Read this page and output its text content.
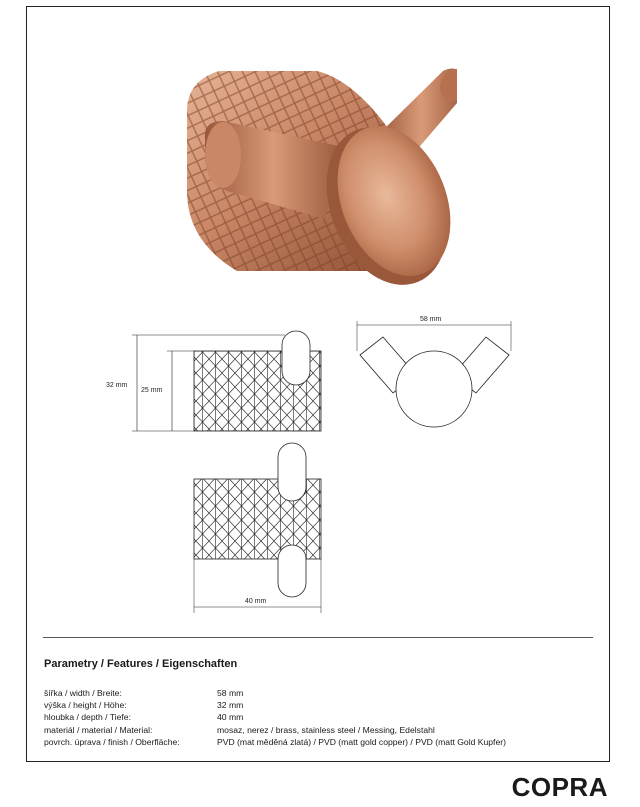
32 mm
25 mm
58 mm
40 mm
Parametry / Features / Eigenschaften
šířka / width / Breite:	58 mm
výška / height / Höhe:	32 mm
hloubka / depth / Tiefe:	40 mm
materiál / material / Material:	mosaz, nerez / brass, stainless steel / Messing, Edelstahl
povrch. úprava / finish / Oberfläche:	PVD (mat měděná zlatá) / PVD (matt gold copper) / PVD (matt Gold Kupfer)
COPRA
